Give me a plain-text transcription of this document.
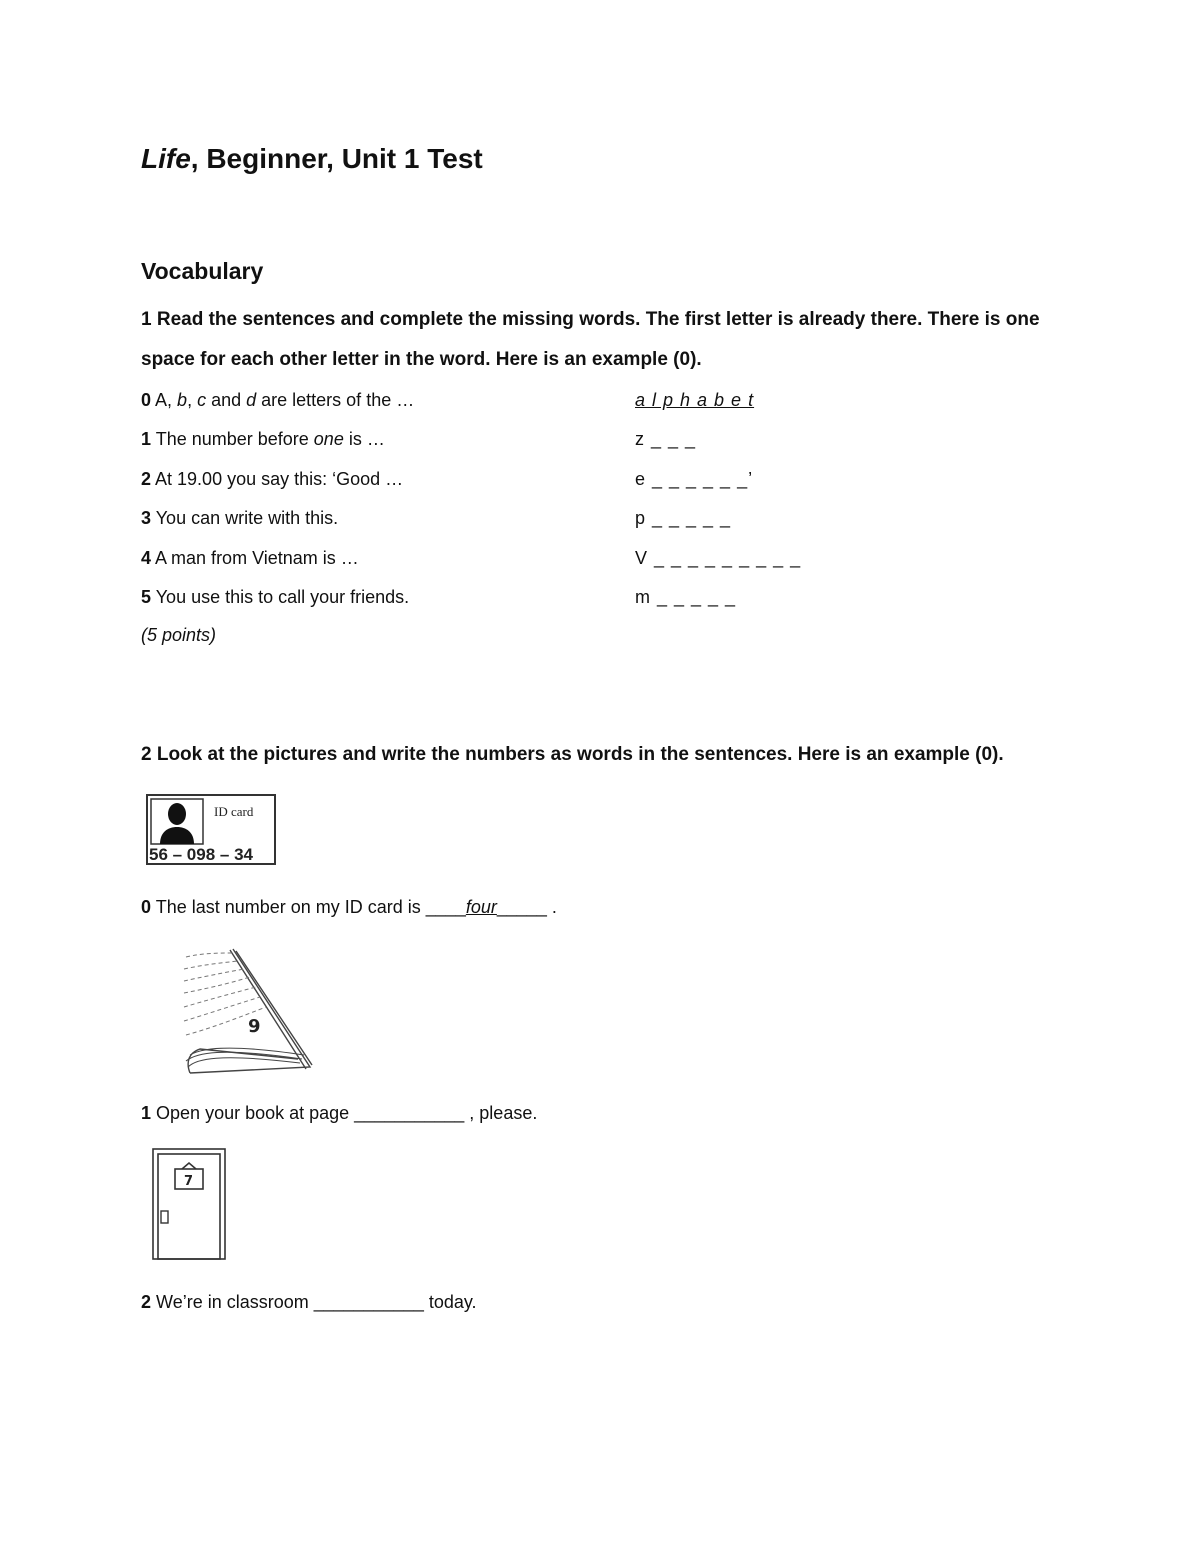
Life, Beginner, Unit 1 Test
Vocabulary
1 Read the sentences and complete the missing words. The first letter is already there. There is one
space for each other letter in the word. Here is an example (0).
0 A, b, c and d are letters of the …	a l p h a b e t
1 The number before one is …	z _ _ _
2 At 19.00 you say this: ‘Good …	e _ _ _ _ _ _’
3 You can write with this.	p _ _ _ _ _
4 A man from Vietnam is …	V _ _ _ _ _ _ _ _ _
5 You use this to call your friends.	m _ _ _ _ _
(5 points)
2 Look at the pictures and write the numbers as words in the sentences. Here is an example (0).
ID card
56 – 098 – 34
0 The last number on my ID card is ____four_____ .
9
1 Open your book at page ___________ , please.
7
2 We’re in classroom ___________ today.
